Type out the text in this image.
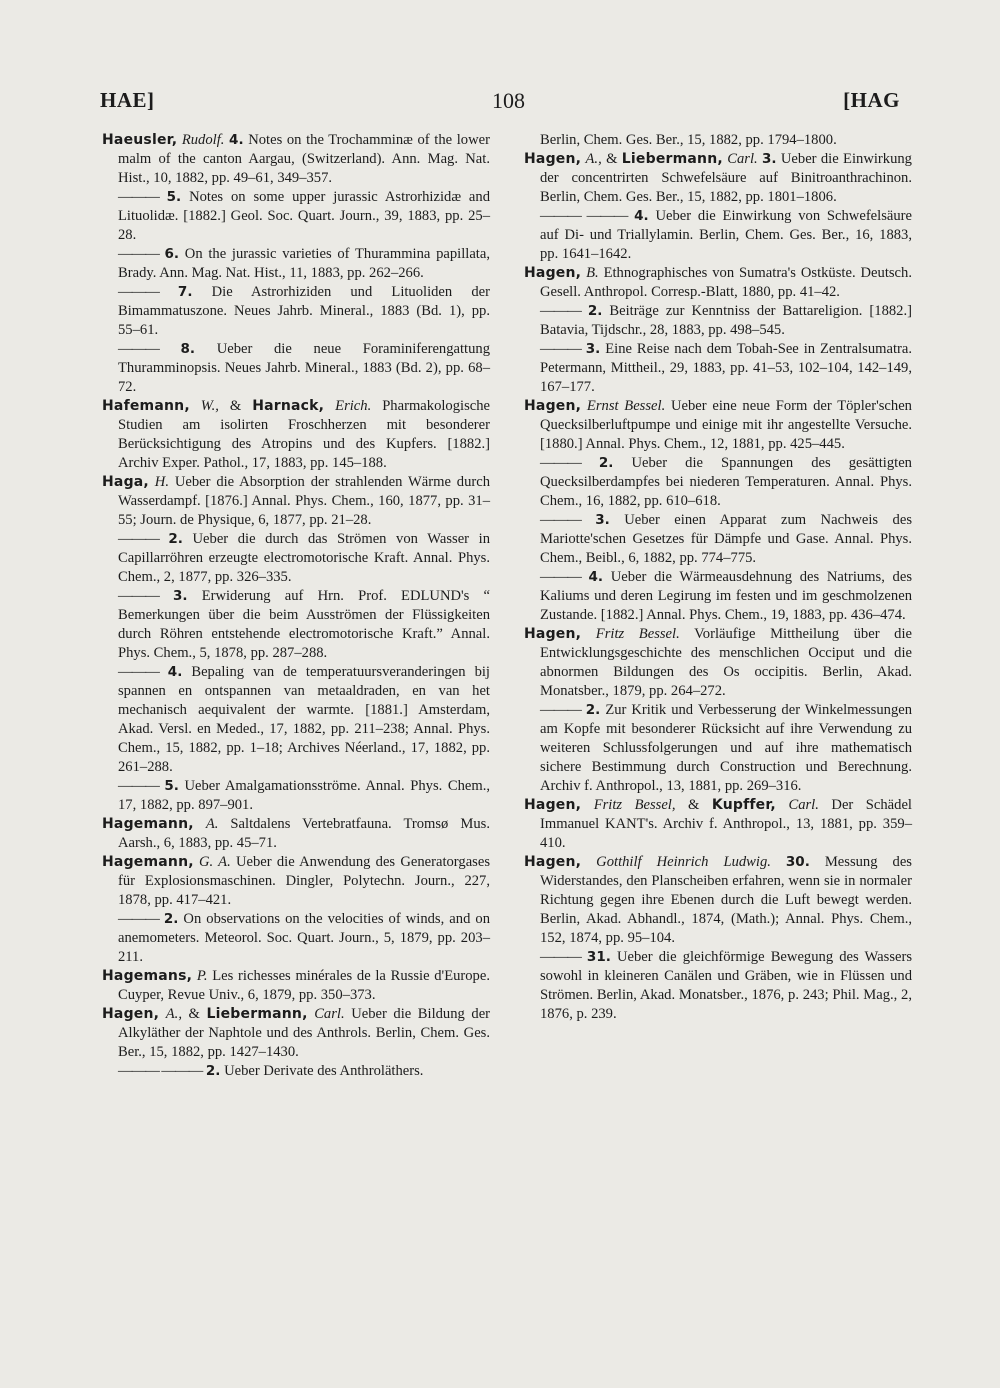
HAE]	108	[HAG

Haeusler, Rudolf. 4. Notes on the Trochamminæ of the lower malm of the canton Aargau, (Switzerland). Ann. Mag. Nat. Hist., 10, 1882, pp. 49–61, 349–357.

——— 5. Notes on some upper jurassic Astrorhizidæ and Lituolidæ. [1882.] Geol. Soc. Quart. Journ., 39, 1883, pp. 25–28.

——— 6. On the jurassic varieties of Thurammina papillata, Brady. Ann. Mag. Nat. Hist., 11, 1883, pp. 262–266.

——— 7. Die Astrorhiziden und Lituoliden der Bimammatuszone. Neues Jahrb. Mineral., 1883 (Bd. 1), pp. 55–61.

——— 8. Ueber die neue Foraminiferengattung Thuramminopsis. Neues Jahrb. Mineral., 1883 (Bd. 2), pp. 68–72.

Hafemann, W., & Harnack, Erich. Pharmakologische Studien am isolirten Froschherzen mit besonderer Berücksichtigung des Atropins und des Kupfers. [1882.] Archiv Exper. Pathol., 17, 1883, pp. 145–188.

Haga, H. Ueber die Absorption der strahlenden Wärme durch Wasserdampf. [1876.] Annal. Phys. Chem., 160, 1877, pp. 31–55; Journ. de Physique, 6, 1877, pp. 21–28.

——— 2. Ueber die durch das Strömen von Wasser in Capillarröhren erzeugte electromotorische Kraft. Annal. Phys. Chem., 2, 1877, pp. 326–335.

——— 3. Erwiderung auf Hrn. Prof. EDLUND's “ Bemerkungen über die beim Ausströmen der Flüssigkeiten durch Röhren entstehende electromotorische Kraft.” Annal. Phys. Chem., 5, 1878, pp. 287–288.

——— 4. Bepaling van de temperatuursveranderingen bij spannen en ontspannen van metaaldraden, en van het mechanisch aequivalent der warmte. [1881.] Amsterdam, Akad. Versl. en Meded., 17, 1882, pp. 211–238; Annal. Phys. Chem., 15, 1882, pp. 1–18; Archives Néerland., 17, 1882, pp. 261–288.

——— 5. Ueber Amalgamationsströme. Annal. Phys. Chem., 17, 1882, pp. 897–901.

Hagemann, A. Saltdalens Vertebratfauna. Tromsø Mus. Aarsh., 6, 1883, pp. 45–71.

Hagemann, G. A. Ueber die Anwendung des Generatorgases für Explosionsmaschinen. Dingler, Polytechn. Journ., 227, 1878, pp. 417–421.

——— 2. On observations on the velocities of winds, and on anemometers. Meteorol. Soc. Quart. Journ., 5, 1879, pp. 203–211.

Hagemans, P. Les richesses minérales de la Russie d'Europe. Cuyper, Revue Univ., 6, 1879, pp. 350–373.

Hagen, A., & Liebermann, Carl. Ueber die Bildung der Alkyläther der Naphtole und des Anthrols. Berlin, Chem. Ges. Ber., 15, 1882, pp. 1427–1430.

——— ——— 2. Ueber Derivate des Anthroläthers.

Berlin, Chem. Ges. Ber., 15, 1882, pp. 1794–1800.

Hagen, A., & Liebermann, Carl. 3. Ueber die Einwirkung der concentrirten Schwefelsäure auf Binitroanthrachinon. Berlin, Chem. Ges. Ber., 15, 1882, pp. 1801–1806.

——— ——— 4. Ueber die Einwirkung von Schwefelsäure auf Di- und Triallylamin. Berlin, Chem. Ges. Ber., 16, 1883, pp. 1641–1642.

Hagen, B. Ethnographisches von Sumatra's Ostküste. Deutsch. Gesell. Anthropol. Corresp.-Blatt, 1880, pp. 41–42.

——— 2. Beiträge zur Kenntniss der Battareligion. [1882.] Batavia, Tijdschr., 28, 1883, pp. 498–545.

——— 3. Eine Reise nach dem Tobah-See in Zentralsumatra. Petermann, Mittheil., 29, 1883, pp. 41–53, 102–104, 142–149, 167–177.

Hagen, Ernst Bessel. Ueber eine neue Form der Töpler'schen Quecksilberluftpumpe und einige mit ihr angestellte Versuche. [1880.] Annal. Phys. Chem., 12, 1881, pp. 425–445.

——— 2. Ueber die Spannungen des gesättigten Quecksilberdampfes bei niederen Temperaturen. Annal. Phys. Chem., 16, 1882, pp. 610–618.

——— 3. Ueber einen Apparat zum Nachweis des Mariotte'schen Gesetzes für Dämpfe und Gase. Annal. Phys. Chem., Beibl., 6, 1882, pp. 774–775.

——— 4. Ueber die Wärmeausdehnung des Natriums, des Kaliums und deren Legirung im festen und im geschmolzenen Zustande. [1882.] Annal. Phys. Chem., 19, 1883, pp. 436–474.

Hagen, Fritz Bessel. Vorläufige Mittheilung über die Entwicklungsgeschichte des menschlichen Occiput und die abnormen Bildungen des Os occipitis. Berlin, Akad. Monatsber., 1879, pp. 264–272.

——— 2. Zur Kritik und Verbesserung der Winkelmessungen am Kopfe mit besonderer Rücksicht auf ihre Verwendung zu weiteren Schlussfolgerungen und auf ihre mathematisch sichere Bestimmung durch Construction und Berechnung. Archiv f. Anthropol., 13, 1881, pp. 269–316.

Hagen, Fritz Bessel, & Kupffer, Carl. Der Schädel Immanuel KANT's. Archiv f. Anthropol., 13, 1881, pp. 359–410.

Hagen, Gotthilf Heinrich Ludwig. 30. Messung des Widerstandes, den Planscheiben erfahren, wenn sie in normaler Richtung gegen ihre Ebenen durch die Luft bewegt werden. Berlin, Akad. Abhandl., 1874, (Math.); Annal. Phys. Chem., 152, 1874, pp. 95–104.

——— 31. Ueber die gleichförmige Bewegung des Wassers sowohl in kleineren Canälen und Gräben, wie in Flüssen und Strömen. Berlin, Akad. Monatsber., 1876, p. 243; Phil. Mag., 2, 1876, p. 239.
